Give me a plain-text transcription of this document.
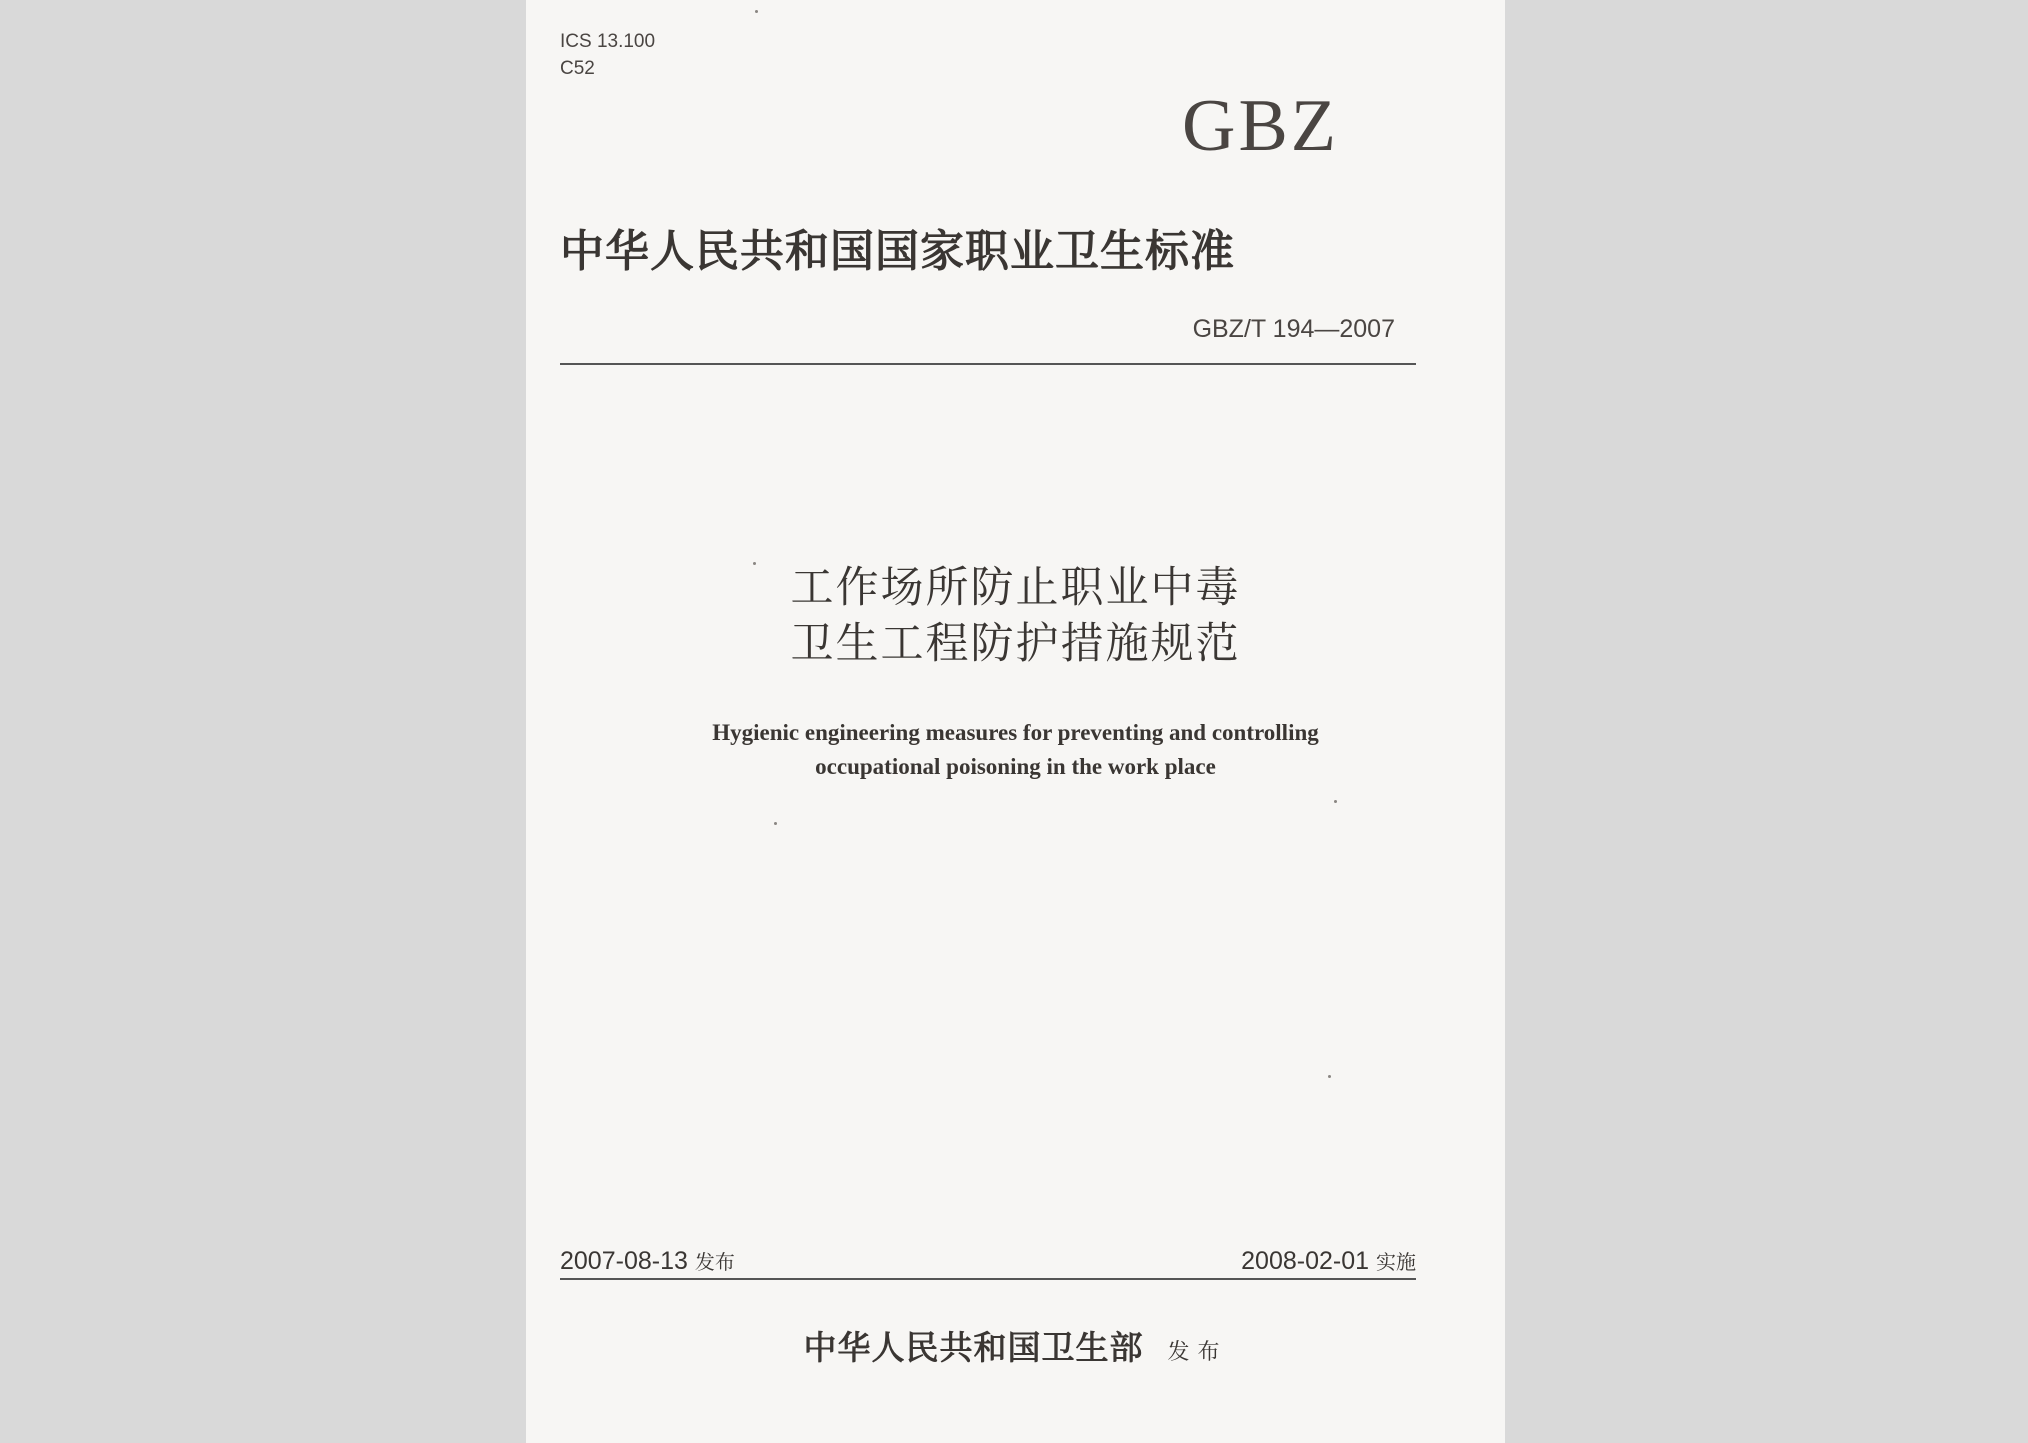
ICS 13.100
C52
GBZ
中华人民共和国国家职业卫生标准
GBZ/T 194—2007
工作场所防止职业中毒
卫生工程防护措施规范
Hygienic engineering measures for preventing and controlling
occupational poisoning in the work place
2007-08-13 发布	2008-02-01 实施
中华人民共和国卫生部 发布
